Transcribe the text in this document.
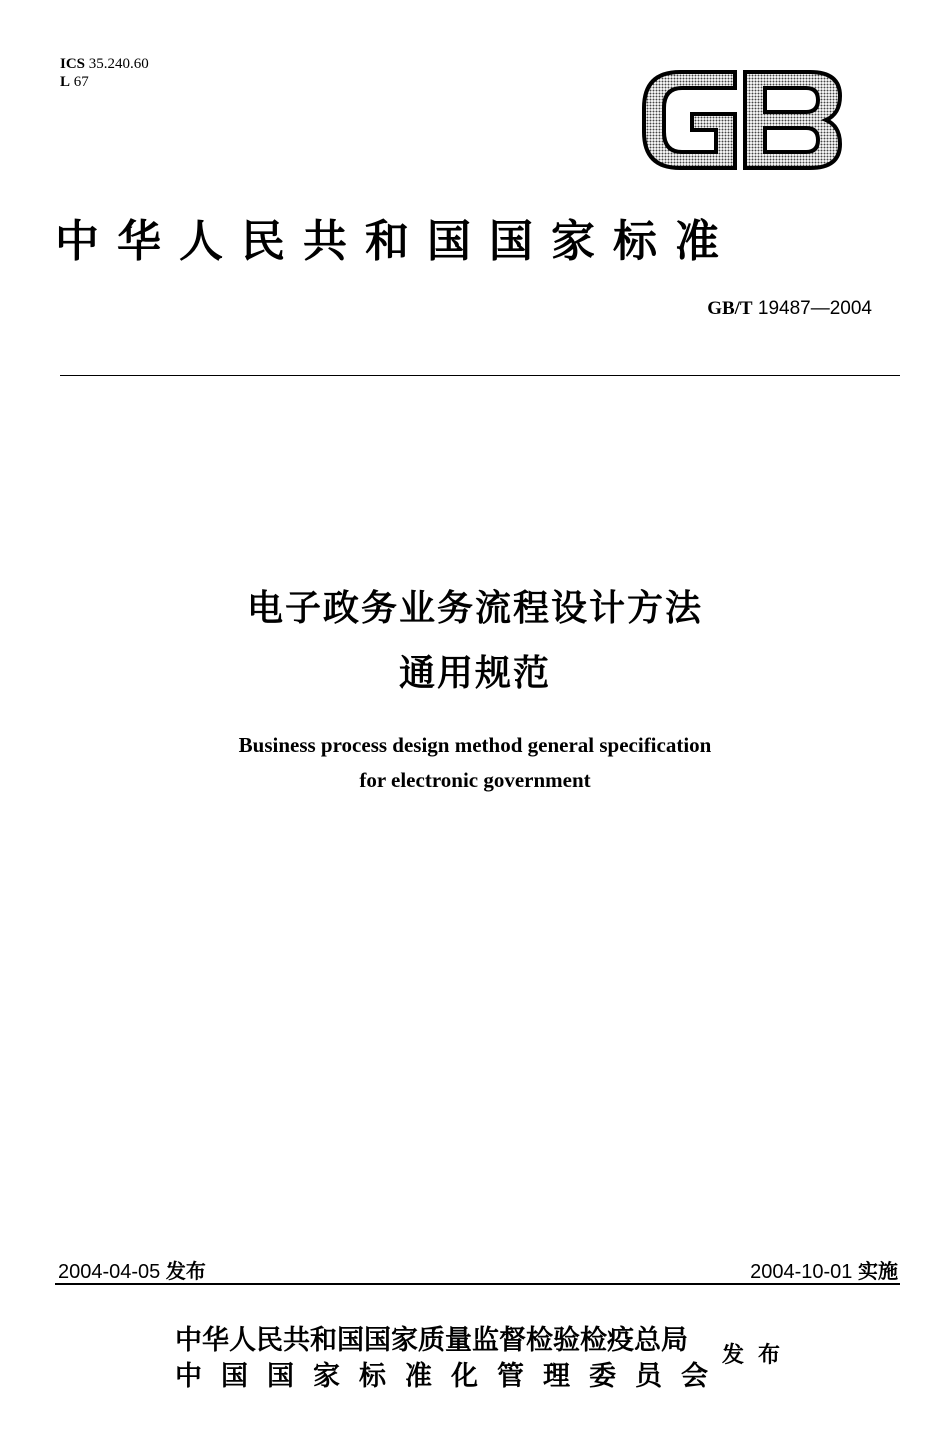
ICS 35.240.60
L 67
中华人民共和国国家标准
GB/T 19487—2004
电子政务业务流程设计方法
通用规范
Business process design method general specification
for electronic government
2004-04-05 发布	2004-10-01 实施
中华人民共和国国家质量监督检验检疫总局
中国国家标准化管理委员会
发布
